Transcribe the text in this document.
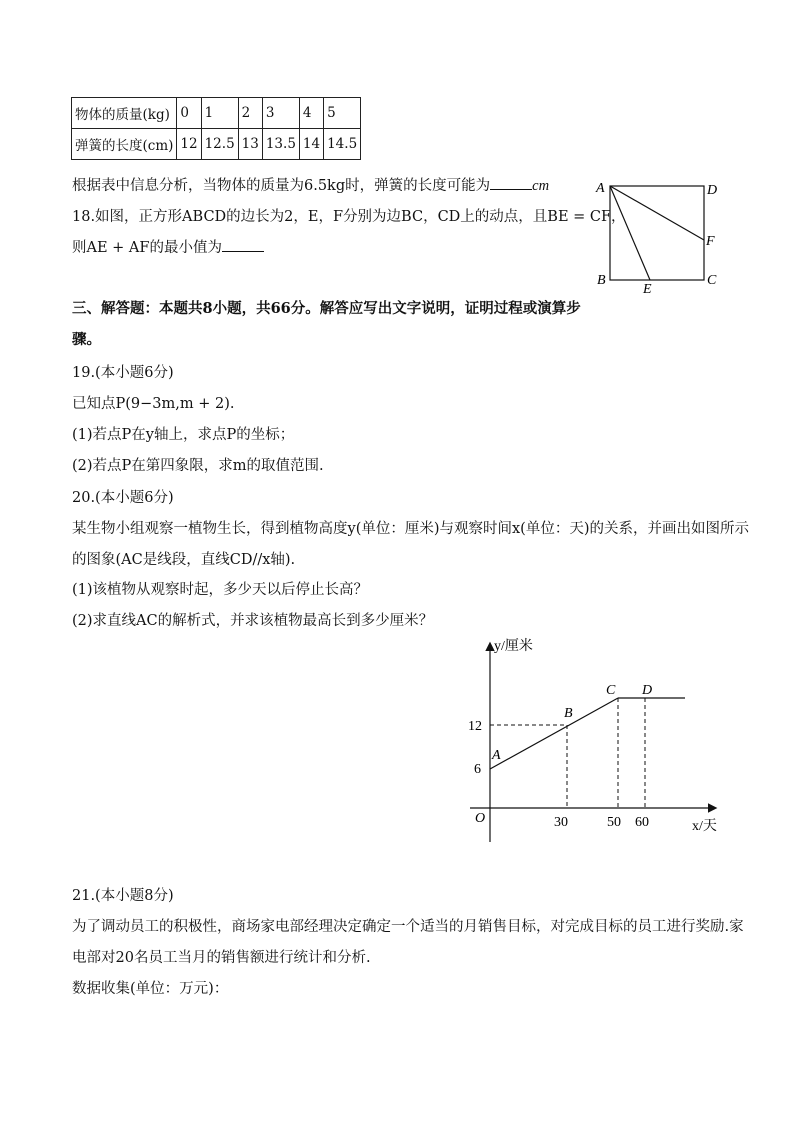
物体的质量(kg)	0	1	2	3	4	5
弹簧的长度(cm)	12	12.5	13	13.5	14	14.5
根据表中信息分析，当物体的质量为6.5kg时，弹簧的长度可能为	cm
18.如图，正方形ABCD的边长为2，E，F分别为边BC，CD上的动点，且BE = CF，
则AE + AF的最小值为
A	D
F
B	C
E
三、解答题：本题共8小题，共66分。解答应写出文字说明，证明过程或演算步
骤。
19.(本小题6分)
已知点P(9−3m,m + 2).
(1)若点P在y轴上，求点P的坐标；
(2)若点P在第四象限，求m的取值范围.
20.(本小题6分)
某生物小组观察一植物生长，得到植物高度y(单位：厘米)与观察时间x(单位：天)的关系，并画出如图所示
的图象(AC是线段，直线CD//x轴).
(1)该植物从观察时起，多少天以后停止长高？
(2)求直线AC的解析式，并求该植物最高长到多少厘米？
y/厘米
x/天
O
12
6
30	50 60
A
B
C D
21.(本小题8分)
为了调动员工的积极性，商场家电部经理决定确定一个适当的月销售目标，对完成目标的员工进行奖励.家
电部对20名员工当月的销售额进行统计和分析.
数据收集(单位：万元)：
